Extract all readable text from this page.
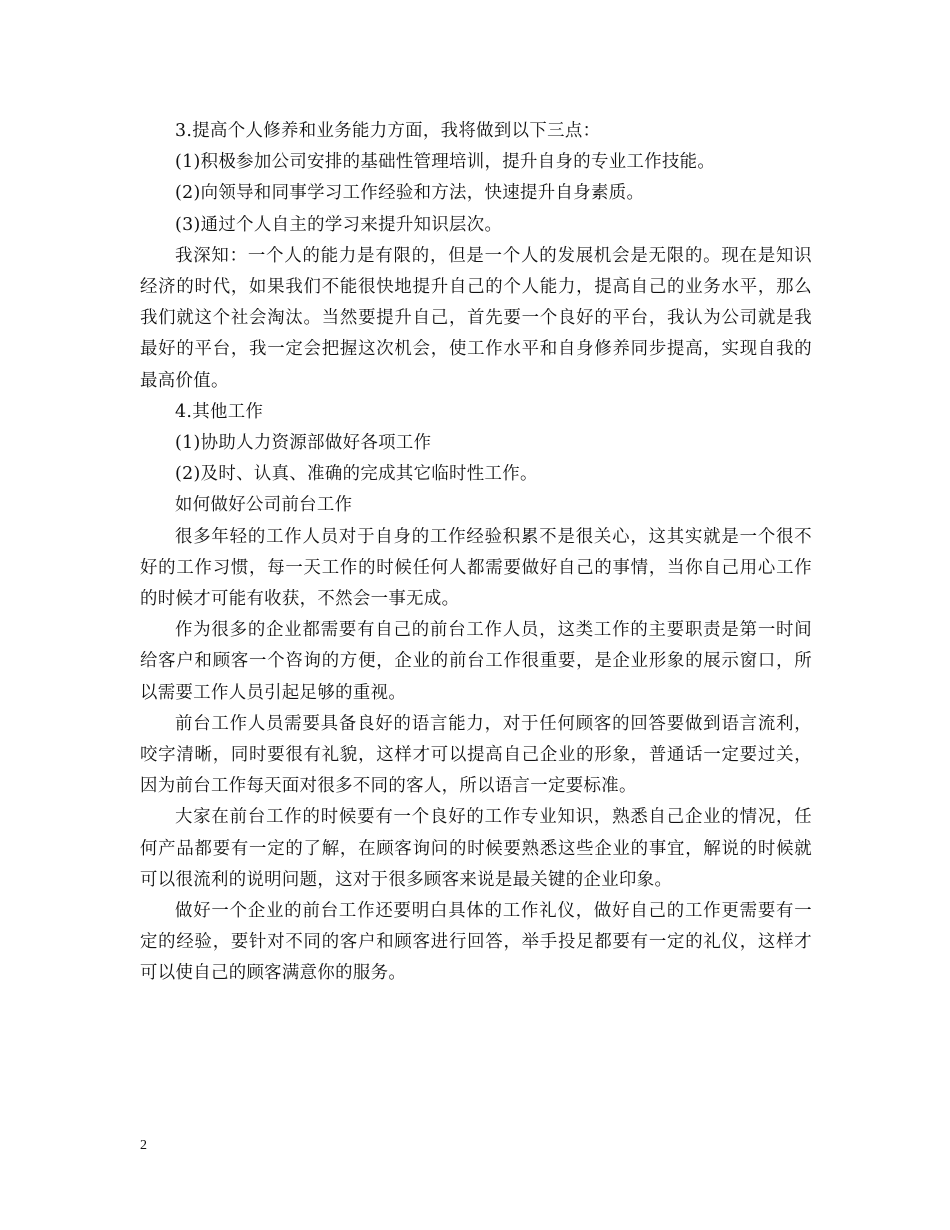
3.提高个人修养和业务能力方面，我将做到以下三点：

(1)积极参加公司安排的基础性管理培训，提升自身的专业工作技能。

(2)向领导和同事学习工作经验和方法，快速提升自身素质。

(3)通过个人自主的学习来提升知识层次。

我深知：一个人的能力是有限的，但是一个人的发展机会是无限的。现在是知识经济的时代，如果我们不能很快地提升自己的个人能力，提高自己的业务水平，那么我们就这个社会淘汰。当然要提升自己，首先要一个良好的平台，我认为公司就是我最好的平台，我一定会把握这次机会，使工作水平和自身修养同步提高，实现自我的最高价值。

4.其他工作

(1)协助人力资源部做好各项工作

(2)及时、认真、准确的完成其它临时性工作。

如何做好公司前台工作

很多年轻的工作人员对于自身的工作经验积累不是很关心，这其实就是一个很不好的工作习惯，每一天工作的时候任何人都需要做好自己的事情，当你自己用心工作的时候才可能有收获，不然会一事无成。

作为很多的企业都需要有自己的前台工作人员，这类工作的主要职责是第一时间给客户和顾客一个咨询的方便，企业的前台工作很重要，是企业形象的展示窗口，所以需要工作人员引起足够的重视。

前台工作人员需要具备良好的语言能力，对于任何顾客的回答要做到语言流利，咬字清晰，同时要很有礼貌，这样才可以提高自己企业的形象，普通话一定要过关，因为前台工作每天面对很多不同的客人，所以语言一定要标准。

大家在前台工作的时候要有一个良好的工作专业知识，熟悉自己企业的情况，任何产品都要有一定的了解，在顾客询问的时候要熟悉这些企业的事宜，解说的时候就可以很流利的说明问题，这对于很多顾客来说是最关键的企业印象。

做好一个企业的前台工作还要明白具体的工作礼仪，做好自己的工作更需要有一定的经验，要针对不同的客户和顾客进行回答，举手投足都要有一定的礼仪，这样才可以使自己的顾客满意你的服务。

2
